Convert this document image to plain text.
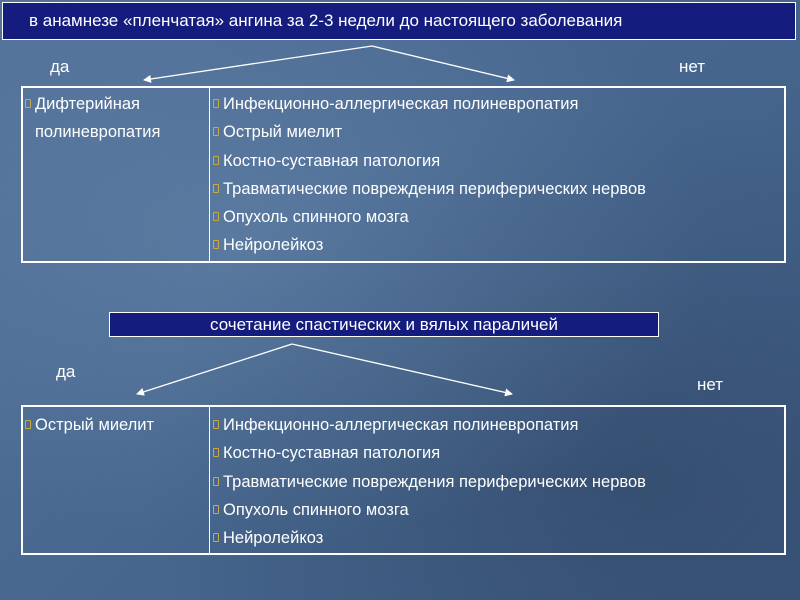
в анамнезе «пленчатая» ангина за 2-3 недели до настоящего заболевания
да	нет
Дифтерийная полиневропатия
Инфекционно-аллергическая полиневропатия
Острый миелит
Костно-суставная патология
Травматические повреждения периферических нервов
Опухоль спинного мозга
Нейролейкоз
сочетание спастических и вялых параличей
да
нет
Острый миелит	Инфекционно-аллергическая полиневропатия
Костно-суставная патология
Травматические повреждения периферических нервов
Опухоль спинного мозга
Нейролейкоз
